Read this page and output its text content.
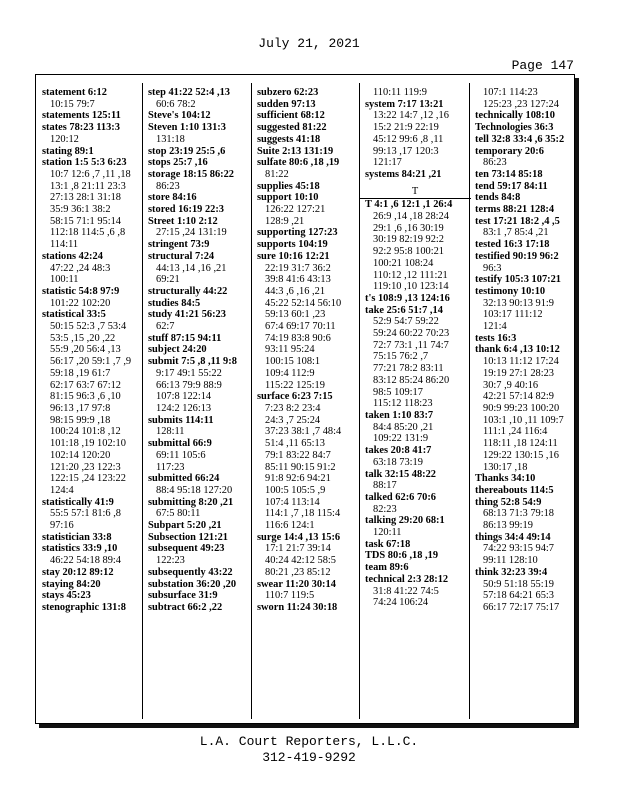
July 21, 2021
Page 147
statement 6:12
10:15 79:7
statements 125:11
states 78:23 113:3
120:12
stating 89:1
station 1:5 5:3 6:23
10:7 12:6 ,7 ,11 ,18
13:1 ,8 21:11 23:3
27:13 28:1 31:18
35:9 36:1 38:2
58:15 71:1 95:14
112:18 114:5 ,6 ,8
114:11
stations 42:24
47:22 ,24 48:3
100:11
statistic 54:8 97:9
101:22 102:20
statistical 33:5
50:15 52:3 ,7 53:4
53:5 ,15 ,20 ,22
55:9 ,20 56:4 ,13
56:17 ,20 59:1 ,7 ,9
59:18 ,19 61:7
62:17 63:7 67:12
81:15 96:3 ,6 ,10
96:13 ,17 97:8
98:15 99:9 ,18
100:24 101:8 ,12
101:18 ,19 102:10
102:14 120:20
121:20 ,23 122:3
122:15 ,24 123:22
124:4
statistically 41:9
55:5 57:1 81:6 ,8
97:16
statistician 33:8
statistics 33:9 ,10
46:22 54:18 89:4
stay 20:12 89:12
staying 84:20
stays 45:23
stenographic 131:8
step 41:22 52:4 ,13
60:6 78:2
Steve's 104:12
Steven 1:10 131:3
131:18
stop 23:19 25:5 ,6
stops 25:7 ,16
storage 18:15 86:22
86:23
store 84:16
stored 16:19 22:3
Street 1:10 2:12
27:15 ,24 131:19
stringent 73:9
structural 7:24
44:13 ,14 ,16 ,21
69:21
structurally 44:22
studies 84:5
study 41:21 56:23
62:7
stuff 87:15 94:11
subject 24:20
submit 7:5 ,8 ,11 9:8
9:17 49:1 55:22
66:13 79:9 88:9
107:8 122:14
124:2 126:13
submits 114:11
128:11
submittal 66:9
69:11 105:6
117:23
submitted 66:24
88:4 95:18 127:20
submitting 8:20 ,21
67:5 80:11
Subpart 5:20 ,21
Subsection 121:21
subsequent 49:23
122:23
subsequently 43:22
substation 36:20 ,20
subsurface 31:9
subtract 66:2 ,22
subzero 62:23
sudden 97:13
sufficient 68:12
suggested 81:22
suggests 41:18
Suite 2:13 131:19
sulfate 80:6 ,18 ,19
81:22
supplies 45:18
support 10:10
126:22 127:21
128:9 ,21
supporting 127:23
supports 104:19
sure 10:16 12:21
22:19 31:7 36:2
39:8 41:6 43:13
44:3 ,6 ,16 ,21
45:22 52:14 56:10
59:13 60:1 ,23
67:4 69:17 70:11
74:19 83:8 90:6
93:11 95:24
100:15 108:1
109:4 112:9
115:22 125:19
surface 6:23 7:15
7:23 8:2 23:4
24:3 ,7 25:24
37:23 38:1 ,7 48:4
51:4 ,11 65:13
79:1 83:22 84:7
85:11 90:15 91:2
91:8 92:6 94:21
100:5 105:5 ,9
107:4 113:14
114:1 ,7 ,18 115:4
116:6 124:1
surge 14:4 ,13 15:6
17:1 21:7 39:14
40:24 42:12 58:5
80:21 ,23 85:12
swear 11:20 30:14
110:7 119:5
sworn 11:24 30:18
110:11 119:9
system 7:17 13:21
13:22 14:7 ,12 ,16
15:2 21:9 22:19
45:12 99:6 ,8 ,11
99:13 ,17 120:3
121:17
systems 84:21 ,21
T
T 4:1 ,6 12:1 ,1 26:4
26:9 ,14 ,18 28:24
29:1 ,6 ,16 30:19
30:19 82:19 92:2
92:2 95:8 100:21
100:21 108:24
110:12 ,12 111:21
119:10 ,10 123:14
t's 108:9 ,13 124:16
take 25:6 51:7 ,14
52:9 54:7 59:22
59:24 60:22 70:23
72:7 73:1 ,11 74:7
75:15 76:2 ,7
77:21 78:2 83:11
83:12 85:24 86:20
98:5 109:17
115:12 118:23
taken 1:10 83:7
84:4 85:20 ,21
109:22 131:9
takes 20:8 41:7
63:18 73:19
talk 32:15 48:22
88:17
talked 62:6 70:6
82:23
talking 29:20 68:1
120:11
task 67:18
TDS 80:6 ,18 ,19
team 89:6
technical 2:3 28:12
31:8 41:22 74:5
74:24 106:24
107:1 114:23
125:23 ,23 127:24
technically 108:10
Technologies 36:3
tell 32:8 33:4 ,6 35:2
temporary 20:6
86:23
ten 73:14 85:18
tend 59:17 84:11
tends 84:8
terms 88:21 128:4
test 17:21 18:2 ,4 ,5
83:1 ,7 85:4 ,21
tested 16:3 17:18
testified 90:19 96:2
96:3
testify 105:3 107:21
testimony 10:10
32:13 90:13 91:9
103:17 111:12
121:4
tests 16:3
thank 6:4 ,13 10:12
10:13 11:12 17:24
19:19 27:1 28:23
30:7 ,9 40:16
42:21 57:14 82:9
90:9 99:23 100:20
103:1 ,10 ,11 109:7
111:1 ,24 116:4
118:11 ,18 124:11
129:22 130:15 ,16
130:17 ,18
Thanks 34:10
thereabouts 114:5
thing 52:8 54:9
68:13 71:3 79:18
86:13 99:19
things 34:4 49:14
74:22 93:15 94:7
99:11 128:10
think 32:23 39:4
50:9 51:18 55:19
57:18 64:21 65:3
66:17 72:17 75:17
L.A. Court Reporters, L.L.C.
312-419-9292
